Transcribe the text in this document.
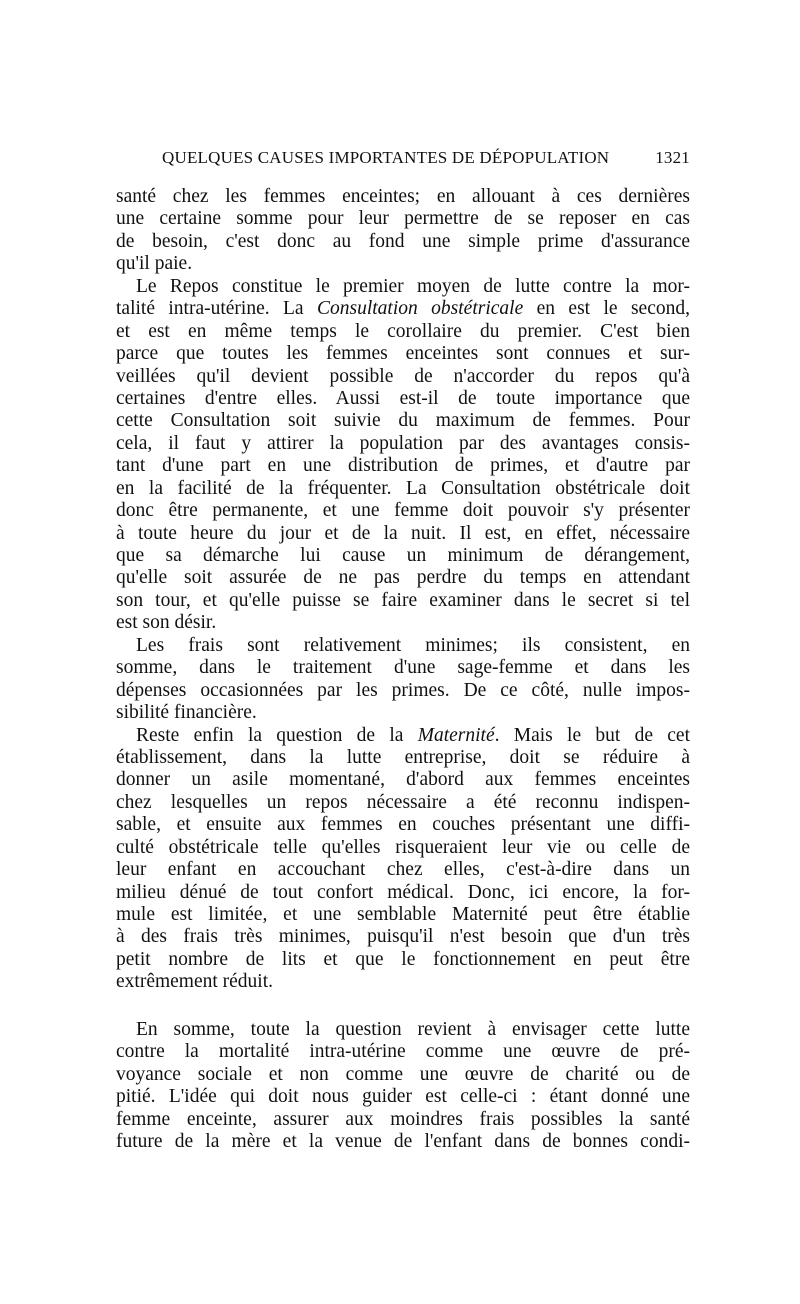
QUELQUES CAUSES IMPORTANTES DE DÉPOPULATION	1321
santé chez les femmes enceintes; en allouant à ces dernières
une certaine somme pour leur permettre de se reposer en cas
de besoin, c'est donc au fond une simple prime d'assurance
qu'il paie.
Le Repos constitue le premier moyen de lutte contre la mor-
talité intra-utérine. La Consultation obstétricale en est le second,
et est en même temps le corollaire du premier. C'est bien
parce que toutes les femmes enceintes sont connues et sur-
veillées qu'il devient possible de n'accorder du repos qu'à
certaines d'entre elles. Aussi est-il de toute importance que
cette Consultation soit suivie du maximum de femmes. Pour
cela, il faut y attirer la population par des avantages consis-
tant d'une part en une distribution de primes, et d'autre par
en la facilité de la fréquenter. La Consultation obstétricale doit
donc être permanente, et une femme doit pouvoir s'y présenter
à toute heure du jour et de la nuit. Il est, en effet, nécessaire
que sa démarche lui cause un minimum de dérangement,
qu'elle soit assurée de ne pas perdre du temps en attendant
son tour, et qu'elle puisse se faire examiner dans le secret si tel
est son désir.
Les frais sont relativement minimes; ils consistent, en
somme, dans le traitement d'une sage-femme et dans les
dépenses occasionnées par les primes. De ce côté, nulle impos-
sibilité financière.
Reste enfin la question de la Maternité. Mais le but de cet
établissement, dans la lutte entreprise, doit se réduire à
donner un asile momentané, d'abord aux femmes enceintes
chez lesquelles un repos nécessaire a été reconnu indispen-
sable, et ensuite aux femmes en couches présentant une diffi-
culté obstétricale telle qu'elles risqueraient leur vie ou celle de
leur enfant en accouchant chez elles, c'est-à-dire dans un
milieu dénué de tout confort médical. Donc, ici encore, la for-
mule est limitée, et une semblable Maternité peut être établie
à des frais très minimes, puisqu'il n'est besoin que d'un très
petit nombre de lits et que le fonctionnement en peut être
extrêmement réduit.
En somme, toute la question revient à envisager cette lutte
contre la mortalité intra-utérine comme une œuvre de pré-
voyance sociale et non comme une œuvre de charité ou de
pitié. L'idée qui doit nous guider est celle-ci : étant donné une
femme enceinte, assurer aux moindres frais possibles la santé
future de la mère et la venue de l'enfant dans de bonnes condi-
